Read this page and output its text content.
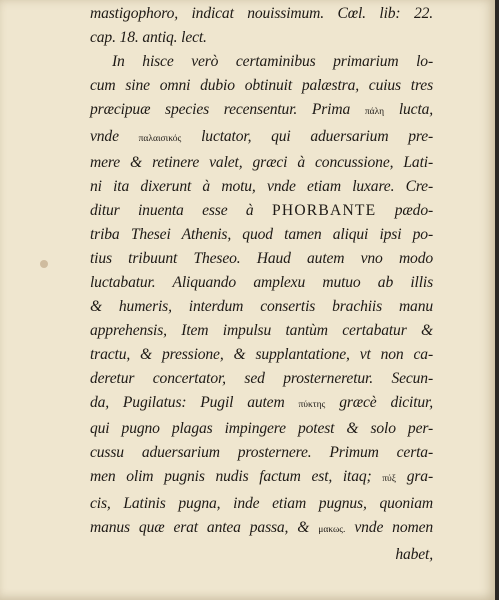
mastigophoro, indicat nouissimum. Cœl. lib: 22.
cap. 18. antiq. lect.
In hisce verò certaminibus primarium lo-
cum sine omni dubio obtinuit palæstra, cuius tres
præcipuæ species recensentur. Prima πάλη lucta,
vnde παλαισικός luctator, qui aduersarium pre-
mere & retinere valet, græci à concussione, Lati-
ni ita dixerunt à motu, vnde etiam luxare. Cre-
ditur inuenta esse à PHORBANTE pædo-
triba Thesei Athenis, quod tamen aliqui ipsi po-
tius tribuunt Theseo. Haud autem vno modo
luctabatur. Aliquando amplexu mutuo ab illis
& humeris, interdum consertis brachiis manu
apprehensis, Item impulsu tantùm certabatur &
tractu, & pressione, & supplantatione, vt non ca-
deretur concertator, sed prosterneretur. Secun-
da, Pugilatus: Pugil autem πύκτης græcè dicitur,
qui pugno plagas impingere potest & solo per-
cussu aduersarium prosternere. Primum certa-
men olim pugnis nudis factum est, itaq; πύξ gra-
cis, Latinis pugna, inde etiam pugnus, quoniam
manus quæ erat antea passa, & μακως. vnde nomen
habet,
